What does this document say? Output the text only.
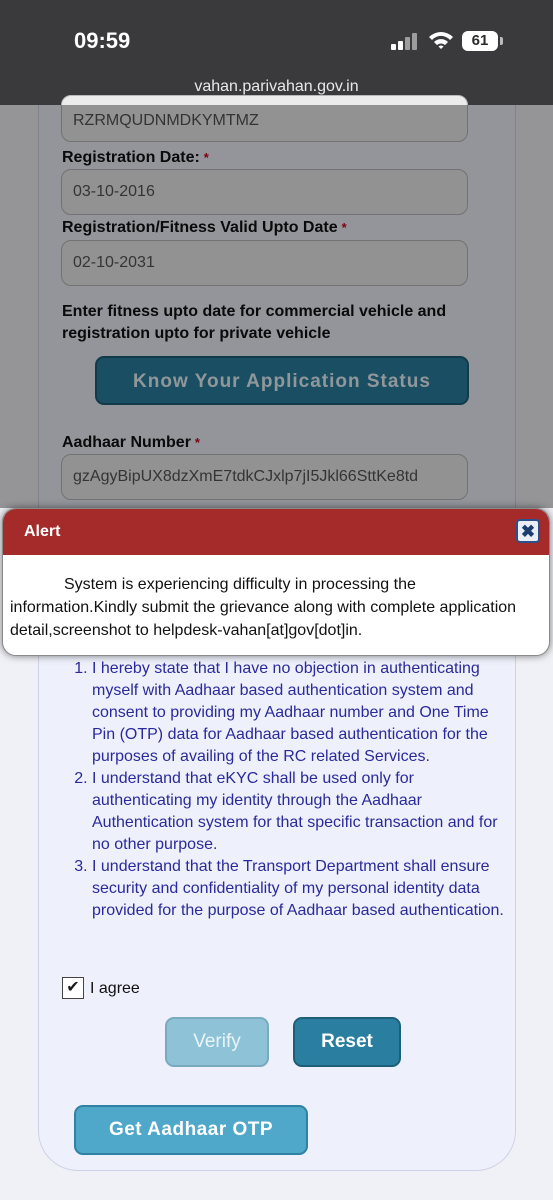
09:59	61
vahan.parivahan.gov.in
RZRMQUDNMDKYMTMZ
Registration Date: *
03-10-2016
Registration/Fitness Valid Upto Date *
02-10-2031
Enter fitness upto date for commercial vehicle and registration upto for private vehicle
Know Your Application Status
Aadhaar Number *
gzAgyBipUX8dzXmE7tdkCJxlp7jI5Jkl66SttKe8td
1. I hereby state that I have no objection in authenticating myself with Aadhaar based authentication system and consent to providing my Aadhaar number and One Time Pin (OTP) data for Aadhaar based authentication for the purposes of availing of the RC related Services.
2. I understand that eKYC shall be used only for authenticating my identity through the Aadhaar Authentication system for that specific transaction and for no other purpose.
3. I understand that the Transport Department shall ensure security and confidentiality of my personal identity data provided for the purpose of Aadhaar based authentication.
✔ I agree
Verify	Reset
Get Aadhaar OTP
Alert	✖
System is experiencing difficulty in processing the information.Kindly submit the grievance along with complete application detail,screenshot to helpdesk-vahan[at]gov[dot]in.
